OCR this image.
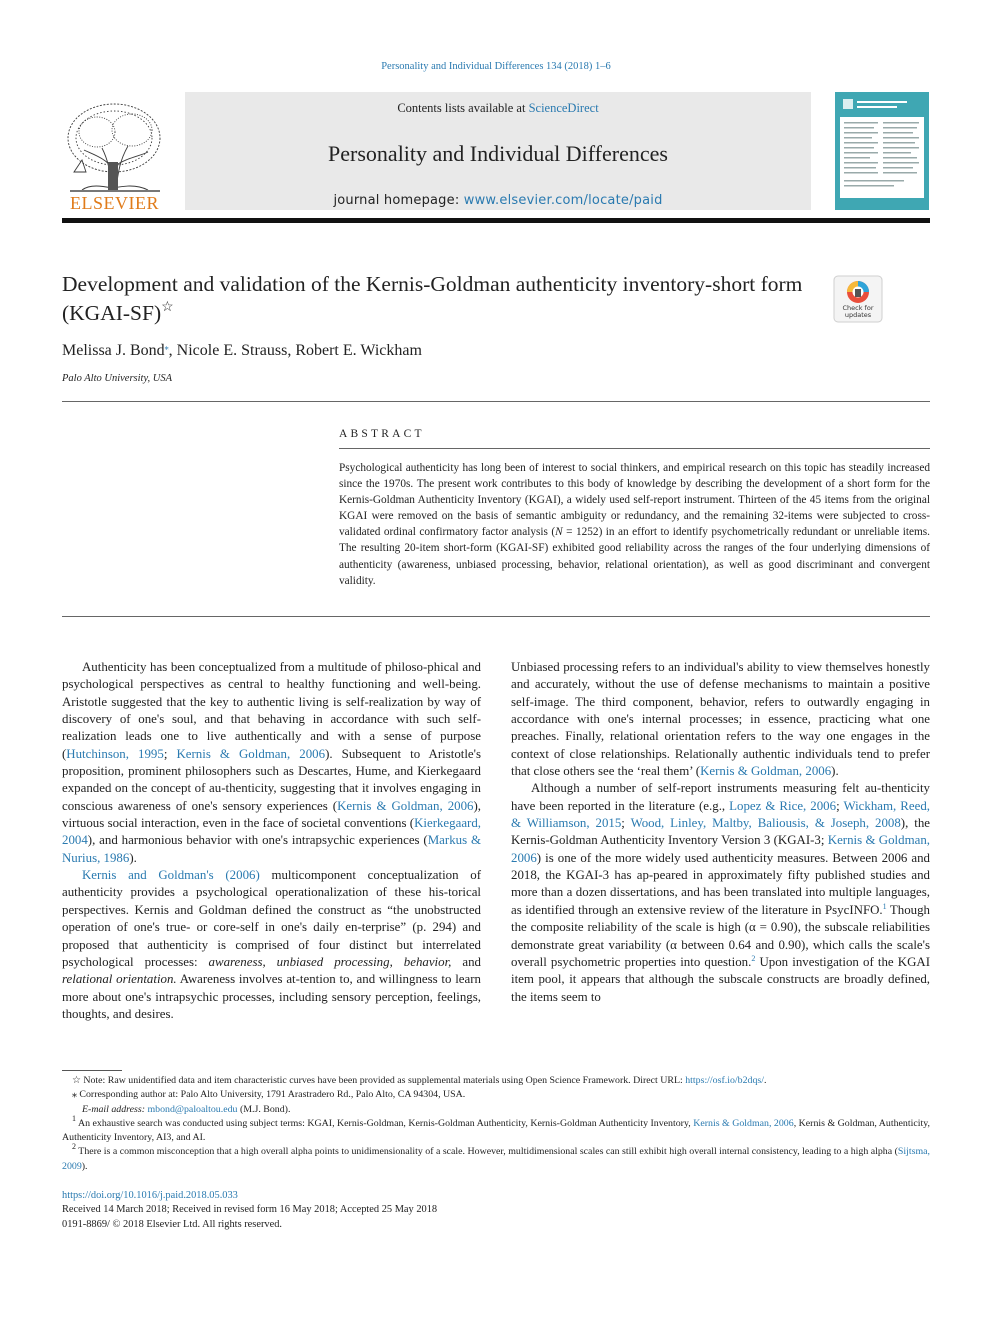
Personality and Individual Differences 134 (2018) 1–6
ELSEVIER
Contents lists available at ScienceDirect
Personality and Individual Differences
journal homepage: www.elsevier.com/locate/paid
Development and validation of the Kernis-Goldman authenticity inventory-short form (KGAI-SF)☆	Check for
updates
Melissa J. Bond⁎, Nicole E. Strauss, Robert E. Wickham
Palo Alto University, USA
ABSTRACT
Psychological authenticity has long been of interest to social thinkers, and empirical research on this topic has steadily increased since the 1970s. The present work contributes to this body of knowledge by describing the development of a short form for the Kernis-Goldman Authenticity Inventory (KGAI), a widely used self-report instrument. Thirteen of the 45 items from the original KGAI were removed on the basis of semantic ambiguity or redundancy, and the remaining 32-items were subjected to cross-validated ordinal confirmatory factor analysis (N = 1252) in an effort to identify psychometrically redundant or unreliable items. The resulting 20-item short-form (KGAI-SF) exhibited good reliability across the ranges of the four underlying dimensions of authenticity (awareness, unbiased processing, behavior, relational orientation), as well as good discriminant and convergent validity.

Authenticity has been conceptualized from a multitude of philoso-phical and psychological perspectives as central to healthy functioning and well-being. Aristotle suggested that the key to authentic living is self-realization by way of discovery of one's soul, and that behaving in accordance with such self-realization leads one to live authentically and with a sense of purpose (Hutchinson, 1995; Kernis & Goldman, 2006). Subsequent to Aristotle's proposition, prominent philosophers such as Descartes, Hume, and Kierkegaard expanded on the concept of au-thenticity, suggesting that it involves engaging in conscious awareness of one's sensory experiences (Kernis & Goldman, 2006), virtuous social interaction, even in the face of societal conventions (Kierkegaard, 2004), and harmonious behavior with one's intrapsychic experiences (Markus & Nurius, 1986).

Kernis and Goldman's (2006) multicomponent conceptualization of authenticity provides a psychological operationalization of these his-torical perspectives. Kernis and Goldman defined the construct as “the unobstructed operation of one's true- or core-self in one's daily en-terprise” (p. 294) and proposed that authenticity is comprised of four distinct but interrelated psychological processes: awareness, unbiased processing, behavior, and relational orientation. Awareness involves at-tention to, and willingness to learn more about one's intrapsychic processes, including sensory perception, feelings, thoughts, and desires.

Unbiased processing refers to an individual's ability to view themselves honestly and accurately, without the use of defense mechanisms to maintain a positive self-image. The third component, behavior, refers to outwardly engaging in accordance with one's internal processes; in essence, practicing what one preaches. Finally, relational orientation refers to the way one engages in the context of close relationships. Relationally authentic individuals tend to prefer that close others see the ‘real them’ (Kernis & Goldman, 2006).

Although a number of self-report instruments measuring felt au-thenticity have been reported in the literature (e.g., Lopez & Rice, 2006; Wickham, Reed, & Williamson, 2015; Wood, Linley, Maltby, Baliousis, & Joseph, 2008), the Kernis-Goldman Authenticity Inventory Version 3 (KGAI-3; Kernis & Goldman, 2006) is one of the more widely used authenticity measures. Between 2006 and 2018, the KGAI-3 has ap-peared in approximately fifty published studies and more than a dozen dissertations, and has been translated into multiple languages, as identified through an extensive review of the literature in PsycINFO.$^1$ Though the composite reliability of the scale is high (α = 0.90), the subscale reliabilities demonstrate great variability (α between 0.64 and 0.90), which calls the scale's overall psychometric properties into question.$^2$ Upon investigation of the KGAI item pool, it appears that although the subscale constructs are broadly defined, the items seem to

☆ Note: Raw unidentified data and item characteristic curves have been provided as supplemental materials using Open Science Framework. Direct URL: https://osf.io/b2dqs/.

⁎ Corresponding author at: Palo Alto University, 1791 Arastradero Rd., Palo Alto, CA 94304, USA.

E-mail address: mbond@paloaltou.edu (M.J. Bond).

$^1$ An exhaustive search was conducted using subject terms: KGAI, Kernis-Goldman, Kernis-Goldman Authenticity, Kernis-Goldman Authenticity Inventory, Kernis & Goldman, 2006, Kernis & Goldman, Authenticity, Authenticity Inventory, AI3, and AI.

$^2$ There is a common misconception that a high overall alpha points to unidimensionality of a scale. However, multidimensional scales can still exhibit high overall internal consistency, leading to a high alpha (Sijtsma, 2009).

https://doi.org/10.1016/j.paid.2018.05.033
Received 14 March 2018; Received in revised form 16 May 2018; Accepted 25 May 2018
0191-8869/ © 2018 Elsevier Ltd. All rights reserved.
